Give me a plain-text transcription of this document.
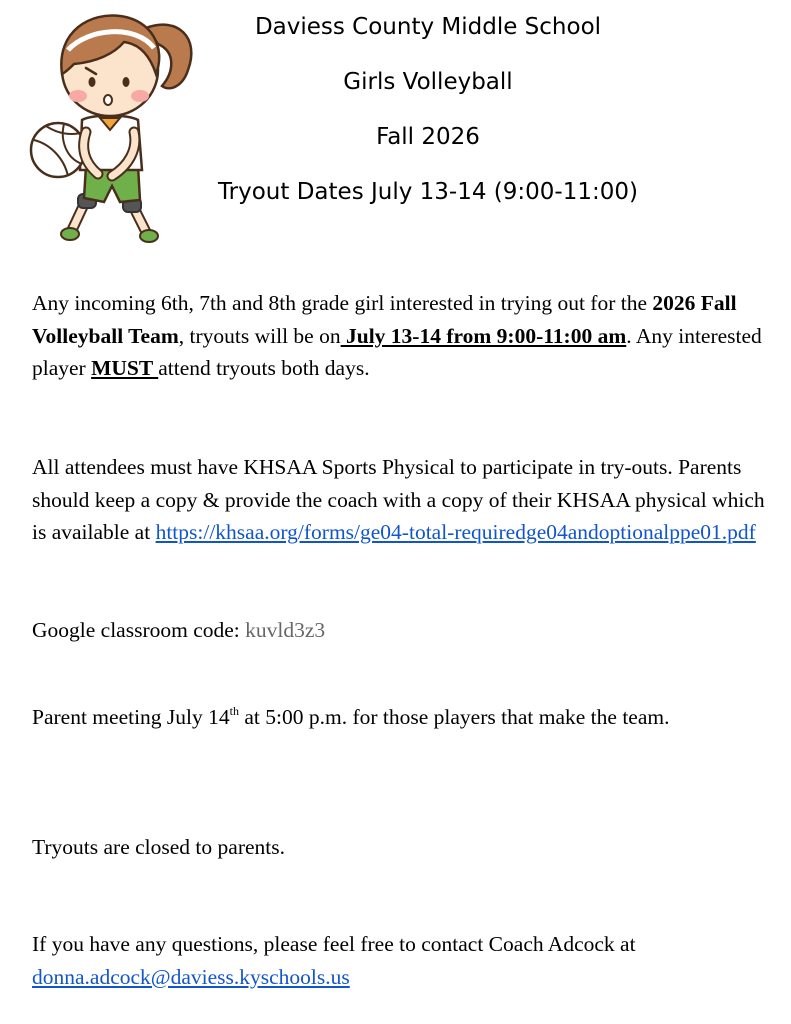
Daviess County Middle School
Girls Volleyball
Fall 2026
Tryout Dates July 13-14 (9:00-11:00)

Any incoming 6th, 7th and 8th grade girl interested in trying out for the 2026 Fall Volleyball Team, tryouts will be on July 13-14 from 9:00-11:00 am. Any interested player MUST attend tryouts both days.

All attendees must have KHSAA Sports Physical to participate in try-outs. Parents should keep a copy & provide the coach with a copy of their KHSAA physical which is available at https://khsaa.org/forms/ge04-total-requiredge04andoptionalppe01.pdf

Google classroom code: kuvld3z3

Parent meeting July 14th at 5:00 p.m. for those players that make the team.

Tryouts are closed to parents.

If you have any questions, please feel free to contact Coach Adcock at donna.adcock@daviess.kyschools.us
